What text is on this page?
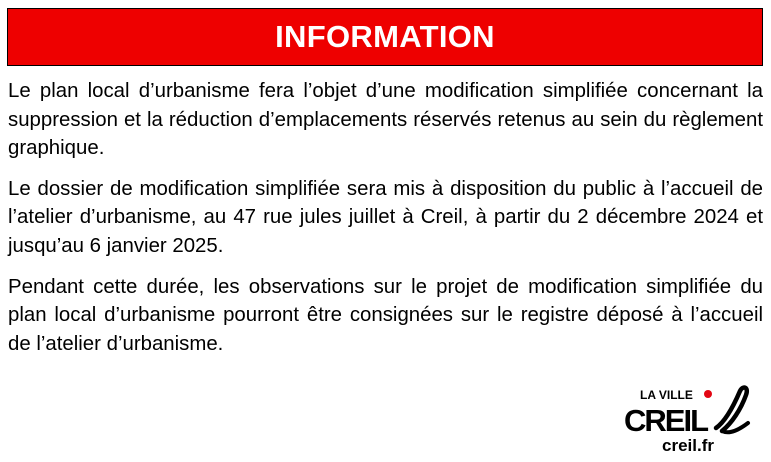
INFORMATION

Le plan local d’urbanisme fera l’objet d’une modification simplifiée concernant la suppression et la réduction d’emplacements réservés retenus au sein du règlement graphique.

Le dossier de modification simplifiée sera mis à disposition du public à l’accueil de l’atelier d’urbanisme, au 47 rue jules juillet à Creil, à partir du 2 décembre 2024 et jusqu’au 6 janvier 2025.

Pendant cette durée, les observations sur le projet de modification simplifiée du plan local d’urbanisme pourront être consignées sur le registre déposé à l’accueil de l’atelier d’urbanisme.

LA VILLE
CREIL
creil.fr
